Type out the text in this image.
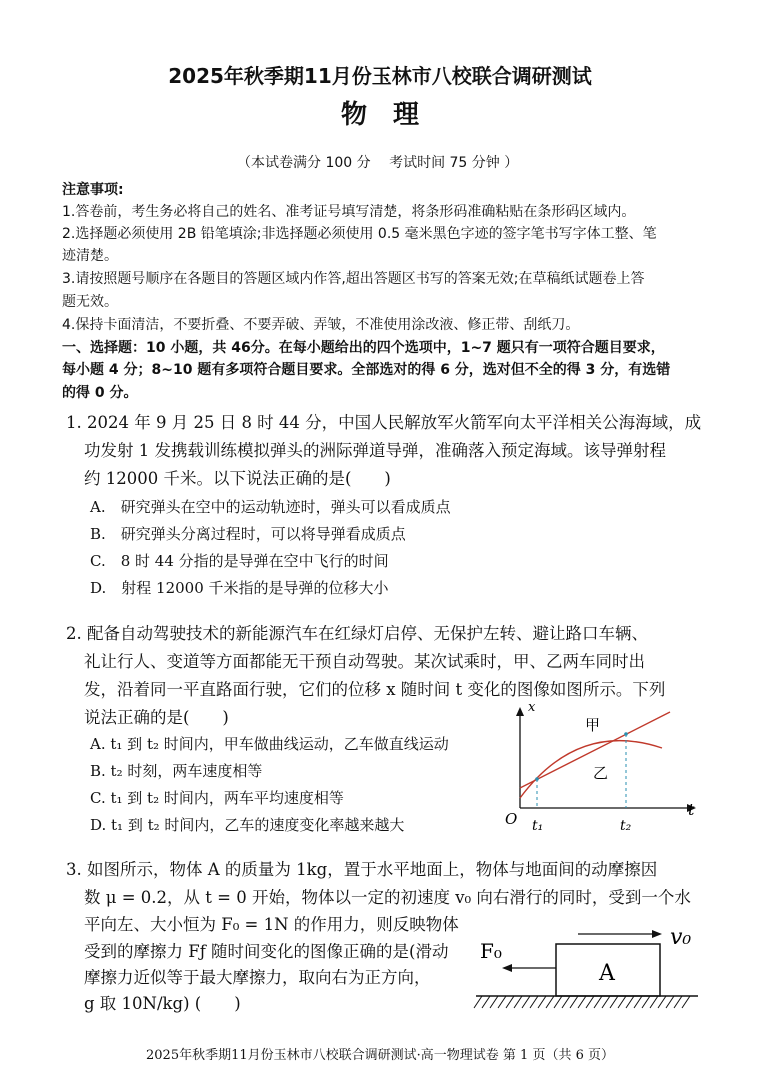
2025年秋季期11月份玉林市八校联合调研测试
物　理
（本试卷满分 100 分　 考试时间 75 分钟 ）
注意事项:
1.答卷前，考生务必将自己的姓名、准考证号填写清楚，将条形码准确粘贴在条形码区域内。
2.选择题必须使用 2B 铅笔填涂;非选择题必须使用 0.5 毫米黑色字迹的签字笔书写字体工整、笔
迹清楚。
3.请按照题号顺序在各题目的答题区域内作答,超出答题区书写的答案无效;在草稿纸试题卷上答
题无效。
4.保持卡面清洁，不要折叠、不要弄破、弄皱，不准使用涂改液、修正带、刮纸刀。
一、选择题：10 小题，共 46分。在每小题给出的四个选项中，1~7 题只有一项符合题目要求，
每小题 4 分；8~10 题有多项符合题目要求。全部选对的得 6 分，选对但不全的得 3 分，有选错
的得 0 分。
1. 2024 年 9 月 25 日 8 时 44 分，中国人民解放军火箭军向太平洋相关公海海域，成
功发射 1 发携载训练模拟弹头的洲际弹道导弹，准确落入预定海域。该导弹射程
约 12000 千米。以下说法正确的是(　　)
A.　研究弹头在空中的运动轨迹时，弹头可以看成质点
B.　研究弹头分离过程时，可以将导弹看成质点
C.　8 时 44 分指的是导弹在空中飞行的时间
D.　射程 12000 千米指的是导弹的位移大小
2. 配备自动驾驶技术的新能源汽车在红绿灯启停、无保护左转、避让路口车辆、
礼让行人、变道等方面都能无干预自动驾驶。某次试乘时，甲、乙两车同时出
发，沿着同一平直路面行驶，它们的位移 x 随时间 t 变化的图像如图所示。下列
说法正确的是(　　)
A. t₁ 到 t₂ 时间内，甲车做曲线运动，乙车做直线运动
B. t₂ 时刻，两车速度相等
C. t₁ 到 t₂ 时间内，两车平均速度相等
D. t₁ 到 t₂ 时间内，乙车的速度变化率越来越大
x
t
O
甲
乙
t₁	t₂
3. 如图所示，物体 A 的质量为 1kg，置于水平地面上，物体与地面间的动摩擦因
数 μ = 0.2，从 t = 0 开始，物体以一定的初速度 v₀ 向右滑行的同时，受到一个水
平向左、大小恒为 F₀ = 1N 的作用力，则反映物体
受到的摩擦力 Fƒ 随时间变化的图像正确的是(滑动
摩擦力近似等于最大摩擦力，取向右为正方向，
g 取 10N/kg) (　　)
A
v₀
F₀
2025年秋季期11月份玉林市八校联合调研测试·高一物理试卷 第 1 页（共 6 页）
